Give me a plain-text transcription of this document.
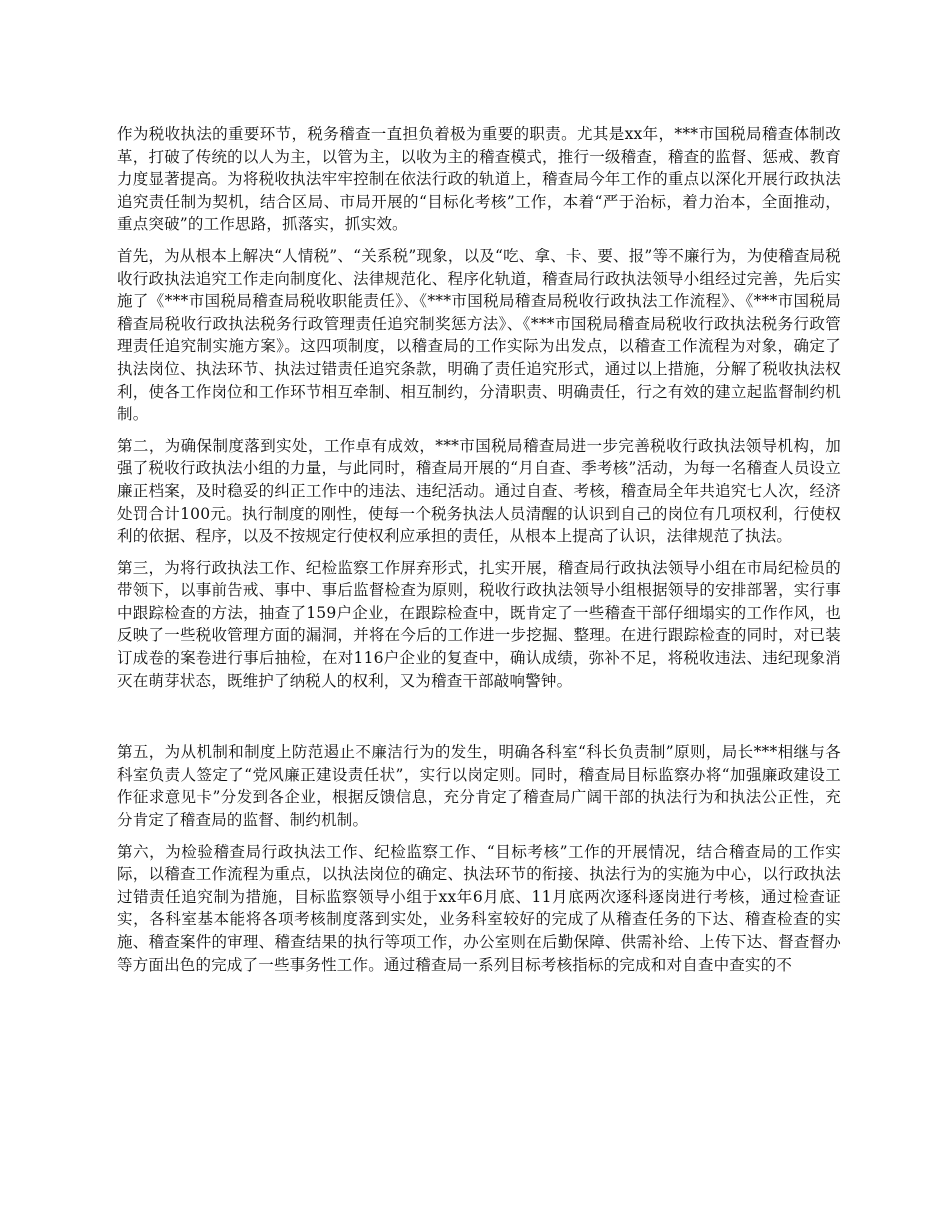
作为税收执法的重要环节，税务稽查一直担负着极为重要的职责。尤其是xx年，***市国税局稽查体制改革，打破了传统的以人为主，以管为主，以收为主的稽查模式，推行一级稽查，稽查的监督、惩戒、教育力度显著提高。为将税收执法牢牢控制在依法行政的轨道上，稽查局今年工作的重点以深化开展行政执法追究责任制为契机，结合区局、市局开展的“目标化考核”工作，本着“严于治标，着力治本，全面推动，重点突破”的工作思路，抓落实，抓实效。

首先，为从根本上解决“人情税”、“关系税”现象，以及“吃、拿、卡、要、报”等不廉行为，为使稽查局税收行政执法追究工作走向制度化、法律规范化、程序化轨道，稽查局行政执法领导小组经过完善，先后实施了《***市国税局稽查局税收职能责任》、《***市国税局稽查局税收行政执法工作流程》、《***市国税局稽查局税收行政执法税务行政管理责任追究制奖惩方法》、《***市国税局稽查局税收行政执法税务行政管理责任追究制实施方案》。这四项制度，以稽查局的工作实际为出发点，以稽查工作流程为对象，确定了执法岗位、执法环节、执法过错责任追究条款，明确了责任追究形式，通过以上措施，分解了税收执法权利，使各工作岗位和工作环节相互牵制、相互制约，分清职责、明确责任，行之有效的建立起监督制约机制。

第二，为确保制度落到实处，工作卓有成效，***市国税局稽查局进一步完善税收行政执法领导机构，加强了税收行政执法小组的力量，与此同时，稽查局开展的“月自查、季考核”活动，为每一名稽查人员设立廉正档案，及时稳妥的纠正工作中的违法、违纪活动。通过自查、考核，稽查局全年共追究七人次，经济处罚合计100元。执行制度的刚性，使每一个税务执法人员清醒的认识到自己的岗位有几项权利，行使权利的依据、程序，以及不按规定行使权利应承担的责任，从根本上提高了认识，法律规范了执法。

第三，为将行政执法工作、纪检监察工作屏弃形式，扎实开展，稽查局行政执法领导小组在市局纪检员的带领下，以事前告戒、事中、事后监督检查为原则，税收行政执法领导小组根据领导的安排部署，实行事中跟踪检查的方法，抽查了159户企业，在跟踪检查中，既肯定了一些稽查干部仔细塌实的工作作风，也反映了一些税收管理方面的漏洞，并将在今后的工作进一步挖掘、整理。在进行跟踪检查的同时，对已装订成卷的案卷进行事后抽检，在对116户企业的复查中，确认成绩，弥补不足，将税收违法、违纪现象消灭在萌芽状态，既维护了纳税人的权利，又为稽查干部敲响警钟。

第五，为从机制和制度上防范遏止不廉洁行为的发生，明确各科室“科长负责制”原则，局长***相继与各科室负责人签定了“党风廉正建设责任状”，实行以岗定则。同时，稽查局目标监察办将“加强廉政建设工作征求意见卡”分发到各企业，根据反馈信息，充分肯定了稽查局广阔干部的执法行为和执法公正性，充分肯定了稽查局的监督、制约机制。

第六，为检验稽查局行政执法工作、纪检监察工作、“目标考核”工作的开展情况，结合稽查局的工作实际，以稽查工作流程为重点，以执法岗位的确定、执法环节的衔接、执法行为的实施为中心，以行政执法过错责任追究制为措施，目标监察领导小组于xx年6月底、11月底两次逐科逐岗进行考核，通过检查证实，各科室基本能将各项考核制度落到实处，业务科室较好的完成了从稽查任务的下达、稽查检查的实施、稽查案件的审理、稽查结果的执行等项工作，办公室则在后勤保障、供需补给、上传下达、督查督办等方面出色的完成了一些事务性工作。通过稽查局一系列目标考核指标的完成和对自查中查实的不
